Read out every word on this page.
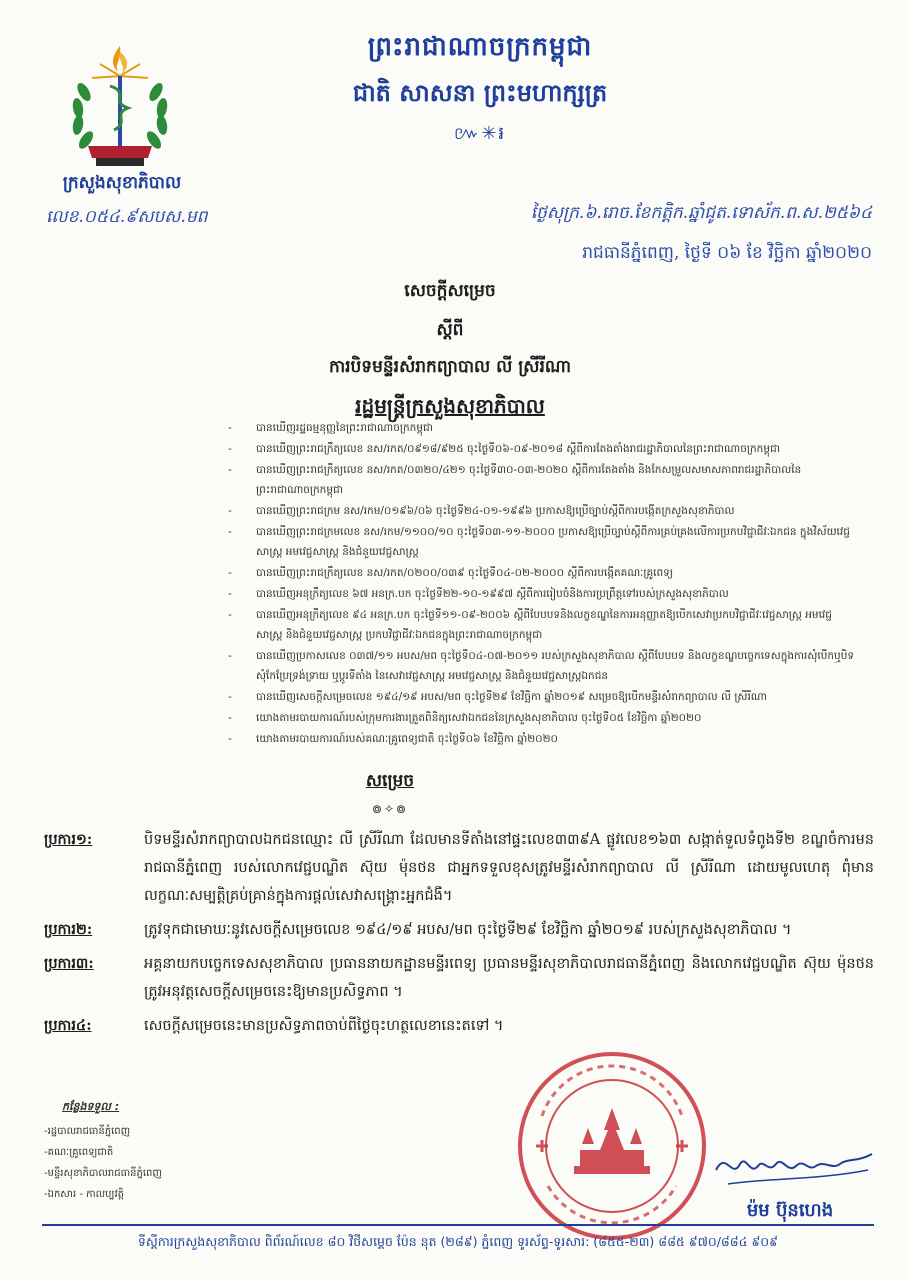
ក្រសួងសុខាភិបាល
លេខ.០៥៤.៩សបស.មព
ព្រះរាជាណាចក្រកម្ពុជា
ជាតិ សាសនា ព្រះមហាក្សត្រ
៚✳៛
ថ្ងៃសុក្រ.៦.រោច.ខែកត្តិក.ឆ្នាំជូត.ទោស័ក.ព.ស.២៥៦៤
រាជធានីភ្នំពេញ, ថ្ងៃទី ០៦ ខែ វិច្ឆិកា ឆ្នាំ២០២០
សេចក្តីសម្រេច
ស្តីពី
ការបិទមន្ទីរសំរាកព្យាបាល លី ស្រីរីណា
រដ្ឋមន្ត្រីក្រសួងសុខាភិបាល
- បានឃើញរដ្ឋធម្មនុញ្ញនៃព្រះរាជាណាចក្រកម្ពុជា
- បានឃើញព្រះរាជក្រឹត្យលេខ នស/រកត/០៩១៨/៩២៥ ចុះថ្ងៃទី០៦-០៩-២០១៨ ស្តីពីការតែងតាំងរាជរដ្ឋាភិបាលនៃព្រះរាជាណាចក្រកម្ពុជា
- បានឃើញព្រះរាជក្រឹត្យលេខ នស/រកត/០៣២០/៤២១ ចុះថ្ងៃទី៣០-០៣-២០២០ ស្តីពីការតែងតាំង និងកែសម្រួលសមាសភាពរាជរដ្ឋាភិបាលនៃព្រះរាជាណាចក្រកម្ពុជា
- បានឃើញព្រះរាជក្រម នស/រកម/០១៩៦/០៦ ចុះថ្ងៃទី២៤-០១-១៩៩៦ ប្រកាសឱ្យប្រើច្បាប់ស្តីពីការបង្កើតក្រសួងសុខាភិបាល
- បានឃើញព្រះរាជក្រមលេខ នស/រកម/១១០០/១០ ចុះថ្ងៃទី០៣-១១-២០០០ ប្រកាសឱ្យប្រើច្បាប់ស្តីពីការគ្រប់គ្រងលើការប្រកបវិជ្ជាជីវៈឯកជន ក្នុងវិស័យវេជ្ជសាស្ត្រ អមវេជ្ជសាស្ត្រ និងជំនួយវេជ្ជសាស្ត្រ
- បានឃើញព្រះរាជក្រឹត្យលេខ នស/រកត/០២០០/០៣៩ ចុះថ្ងៃទី០៤-០២-២០០០ ស្តីពីការបង្កើតគណៈគ្រូពេទ្យ
- បានឃើញអនុក្រឹត្យលេខ ៦៧ អនក្រ.បក ចុះថ្ងៃទី២២-១០-១៩៩៧ ស្តីពីការរៀបចំនិងការប្រព្រឹត្តទៅរបស់ក្រសួងសុខាភិបាល
- បានឃើញអនុក្រឹត្យលេខ ៩៤ អនក្រ.បក ចុះថ្ងៃទី១១-០៩-២០០៦ ស្តីពីបែបបទនិងលក្ខខណ្ឌនៃការអនុញ្ញាតឱ្យបើកសេវាប្រកបវិជ្ជាជីវៈវេជ្ជសាស្ត្រ អមវេជ្ជសាស្ត្រ និងជំនួយវេជ្ជសាស្ត្រ ប្រកបវិជ្ជាជីវៈឯកជនក្នុងព្រះរាជាណាចក្រកម្ពុជា
- បានឃើញប្រកាសលេខ ០៣៧/១១ អបស/មព ចុះថ្ងៃទី០៤-០៧-២០១១ របស់ក្រសួងសុខាភិបាល ស្តីពីបែបបទ និងលក្ខខណ្ឌបច្ចេកទេសក្នុងការសុំបើកឬបិទ សុំកែប្រែទ្រង់ទ្រាយ ឬប្តូរទីតាំង នៃសេវាវេជ្ជសាស្ត្រ អមវេជ្ជសាស្ត្រ និងជំនួយវេជ្ជសាស្ត្រឯកជន
- បានឃើញសេចក្តីសម្រេចលេខ ១៩៤/១៩ អបស/មព ចុះថ្ងៃទី២៩ ខែវិច្ឆិកា ឆ្នាំ២០១៩ សម្រេចឱ្យបើកមន្ទីរសំរាកព្យាបាល លី ស្រីរីណា
- យោងតាមរបាយការណ៍របស់ក្រុមការងារត្រួតពិនិត្យសេវាឯកជននៃក្រសួងសុខាភិបាល ចុះថ្ងៃទី០៥ ខែវិច្ឆិកា ឆ្នាំ២០២០
- យោងតាមរបាយការណ៍របស់គណៈគ្រូពេទ្យជាតិ ចុះថ្ងៃទី០៦ ខែវិច្ឆិកា ឆ្នាំ២០២០
សម្រេច
៙✧៙
ប្រការ១:	បិទមន្ទីរសំរាកព្យាបាលឯកជនឈ្មោះ លី ស្រីរីណា ដែលមានទីតាំងនៅផ្ទះលេខ៣៣៩A ផ្លូវលេខ១៦៣ សង្កាត់ទួលទំពូងទី២ ខណ្ឌចំការមន រាជធានីភ្នំពេញ របស់លោកវេជ្ជបណ្ឌិត ស៊ុយ ម៉ុនថន ជាអ្នកទទួលខុសត្រូវមន្ទីរសំរាកព្យាបាល លី ស្រីរីណា ដោយមូលហេតុ ពុំមានលក្ខណៈសម្បត្តិគ្រប់គ្រាន់ក្នុងការផ្តល់សេវាសង្គ្រោះអ្នកជំងឺ។
ប្រការ២:	ត្រូវទុកជាមោឃៈនូវសេចក្តីសម្រេចលេខ ១៩៤/១៩ អបស/មព ចុះថ្ងៃទី២៩ ខែវិច្ឆិកា ឆ្នាំ២០១៩ របស់ក្រសួងសុខាភិបាល ។
ប្រការ៣:	អគ្គនាយកបច្ចេកទេសសុខាភិបាល ប្រធាននាយកដ្ឋានមន្ទីរពេទ្យ ប្រធានមន្ទីរសុខាភិបាលរាជធានីភ្នំពេញ និងលោកវេជ្ជបណ្ឌិត ស៊ុយ ម៉ុនថន ត្រូវអនុវត្តសេចក្តីសម្រេចនេះឱ្យមានប្រសិទ្ធភាព ។
ប្រការ៤:	សេចក្តីសម្រេចនេះមានប្រសិទ្ធភាពចាប់ពីថ្ងៃចុះហត្ថលេខានេះតទៅ ។
កន្លែងទទួល :
-រដ្ឋបាលរាជធានីភ្នំពេញ
-គណៈគ្រូពេទ្យជាតិ
-មន្ទីរសុខាភិបាលរាជធានីភ្នំពេញ
-ឯកសារ - កាលប្បវត្តិ
ម៉ម ប៊ុនហេង
ទីស្តីការក្រសួងសុខាភិបាល ពិព័រណ៍លេខ ៨០ វិថីសម្តេច ប៉ែន នុត (២៨៩) ភ្នំពេញ ទូរស័ព្ទ-ទូរសារ: (៨៥៥-២៣) ៨៨៥ ៩៧០/៨៨៤ ៩០៩
